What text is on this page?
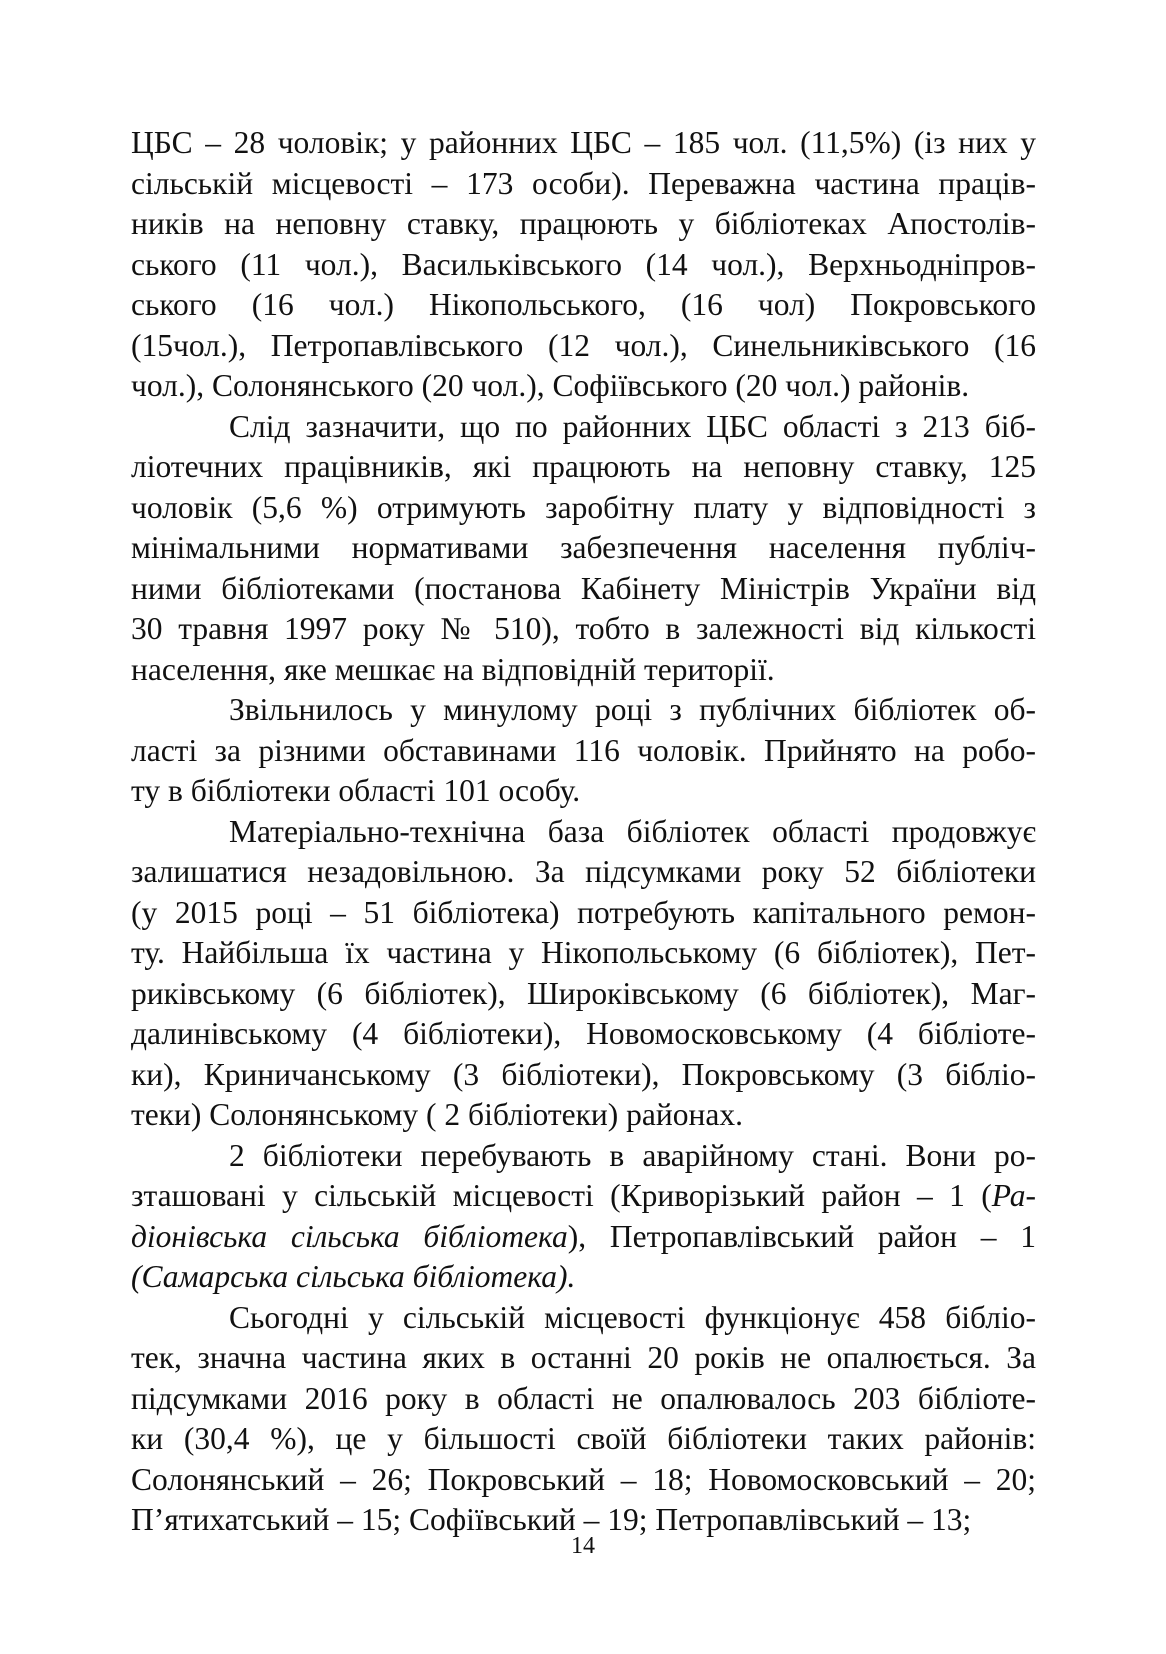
ЦБС – 28 чоловік; у районних ЦБС – 185 чол. (11,5%) (із них у
сільській місцевості – 173 особи). Переважна частина праців-
ників на неповну ставку, працюють у бібліотеках Апостолів-
ського (11 чол.), Васильківського (14 чол.), Верхньодніпров-
ського (16 чол.) Нікопольського, (16 чол) Покровського
(15чол.), Петропавлівського (12 чол.), Синельниківського (16
чол.), Солонянського (20 чол.), Софіївського (20 чол.) районів.

Слід зазначити, що по районних ЦБС області з 213 біб-
ліотечних працівників, які працюють на неповну ставку, 125
чоловік (5,6 %) отримують заробітну плату у відповідності з
мінімальними нормативами забезпечення населення публіч-
ними бібліотеками (постанова Кабінету Міністрів України від
30 травня 1997 року № 510), тобто в залежності від кількості
населення, яке мешкає на відповідній території.

Звільнилось у минулому році з публічних бібліотек об-
ласті за різними обставинами 116 чоловік. Прийнято на робо-
ту в бібліотеки області 101 особу.

Матеріально-технічна база бібліотек області продовжує
залишатися незадовільною. За підсумками року 52 бібліотеки
(у 2015 році – 51 бібліотека) потребують капітального ремон-
ту. Найбільша їх частина у Нікопольському (6 бібліотек), Пет-
риківському (6 бібліотек), Широківському (6 бібліотек), Маг-
далинівському (4 бібліотеки), Новомосковському (4 бібліоте-
ки), Криничанському (3 бібліотеки), Покровському (3 бібліо-
теки) Солонянському ( 2 бібліотеки) районах.

2 бібліотеки перебувають в аварійному стані. Вони ро-
зташовані у сільській місцевості (Криворізький район – 1 (Ра-
діонівська сільська бібліотека), Петропавлівський район – 1
(Самарська сільська бібліотека).

Сьогодні у сільській місцевості функціонує 458 бібліо-
тек, значна частина яких в останні 20 років не опалюється. За
підсумками 2016 року в області не опалювалось 203 бібліоте-
ки (30,4 %), це у більшості своїй бібліотеки таких районів:
Солонянський – 26; Покровський – 18; Новомосковський – 20;
П’ятихатський – 15; Софіївський – 19; Петропавлівський – 13;

14
